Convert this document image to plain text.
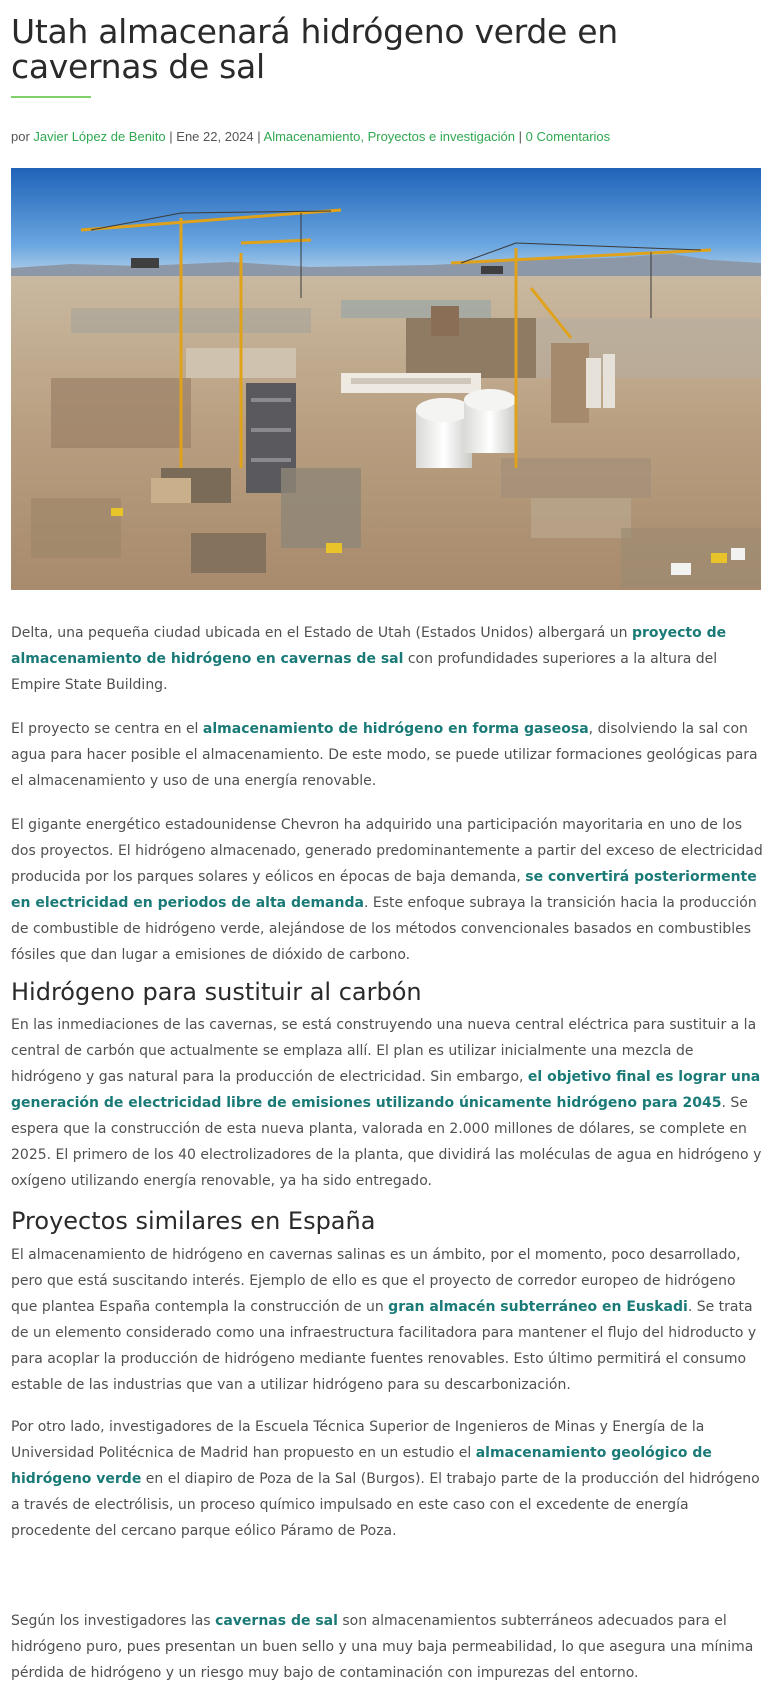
Utah almacenará hidrógeno verde en cavernas de sal
por Javier López de Benito | Ene 22, 2024 | Almacenamiento, Proyectos e investigación | 0 Comentarios

Delta, una pequeña ciudad ubicada en el Estado de Utah (Estados Unidos) albergará un proyecto de almacenamiento de hidrógeno en cavernas de sal con profundidades superiores a la altura del Empire State Building.

El proyecto se centra en el almacenamiento de hidrógeno en forma gaseosa, disolviendo la sal con agua para hacer posible el almacenamiento. De este modo, se puede utilizar formaciones geológicas para el almacenamiento y uso de una energía renovable.

El gigante energético estadounidense Chevron ha adquirido una participación mayoritaria en uno de los dos proyectos. El hidrógeno almacenado, generado predominantemente a partir del exceso de electricidad producida por los parques solares y eólicos en épocas de baja demanda, se convertirá posteriormente en electricidad en periodos de alta demanda. Este enfoque subraya la transición hacia la producción de combustible de hidrógeno verde, alejándose de los métodos convencionales basados en combustibles fósiles que dan lugar a emisiones de dióxido de carbono.

Hidrógeno para sustituir al carbón

En las inmediaciones de las cavernas, se está construyendo una nueva central eléctrica para sustituir a la central de carbón que actualmente se emplaza allí. El plan es utilizar inicialmente una mezcla de hidrógeno y gas natural para la producción de electricidad. Sin embargo, el objetivo final es lograr una generación de electricidad libre de emisiones utilizando únicamente hidrógeno para 2045. Se espera que la construcción de esta nueva planta, valorada en 2.000 millones de dólares, se complete en 2025. El primero de los 40 electrolizadores de la planta, que dividirá las moléculas de agua en hidrógeno y oxígeno utilizando energía renovable, ya ha sido entregado.

Proyectos similares en España

El almacenamiento de hidrógeno en cavernas salinas es un ámbito, por el momento, poco desarrollado, pero que está suscitando interés. Ejemplo de ello es que el proyecto de corredor europeo de hidrógeno que plantea España contempla la construcción de un gran almacén subterráneo en Euskadi. Se trata de un elemento considerado como una infraestructura facilitadora para mantener el flujo del hidroducto y para acoplar la producción de hidrógeno mediante fuentes renovables. Esto último permitirá el consumo estable de las industrias que van a utilizar hidrógeno para su descarbonización.

Por otro lado, investigadores de la Escuela Técnica Superior de Ingenieros de Minas y Energía de la Universidad Politécnica de Madrid han propuesto en un estudio el almacenamiento geológico de hidrógeno verde en el diapiro de Poza de la Sal (Burgos). El trabajo parte de la producción del hidrógeno a través de electrólisis, un proceso químico impulsado en este caso con el excedente de energía procedente del cercano parque eólico Páramo de Poza.

Según los investigadores las cavernas de sal son almacenamientos subterráneos adecuados para el hidrógeno puro, pues presentan un buen sello y una muy baja permeabilidad, lo que asegura una mínima pérdida de hidrógeno y un riesgo muy bajo de contaminación con impurezas del entorno.
